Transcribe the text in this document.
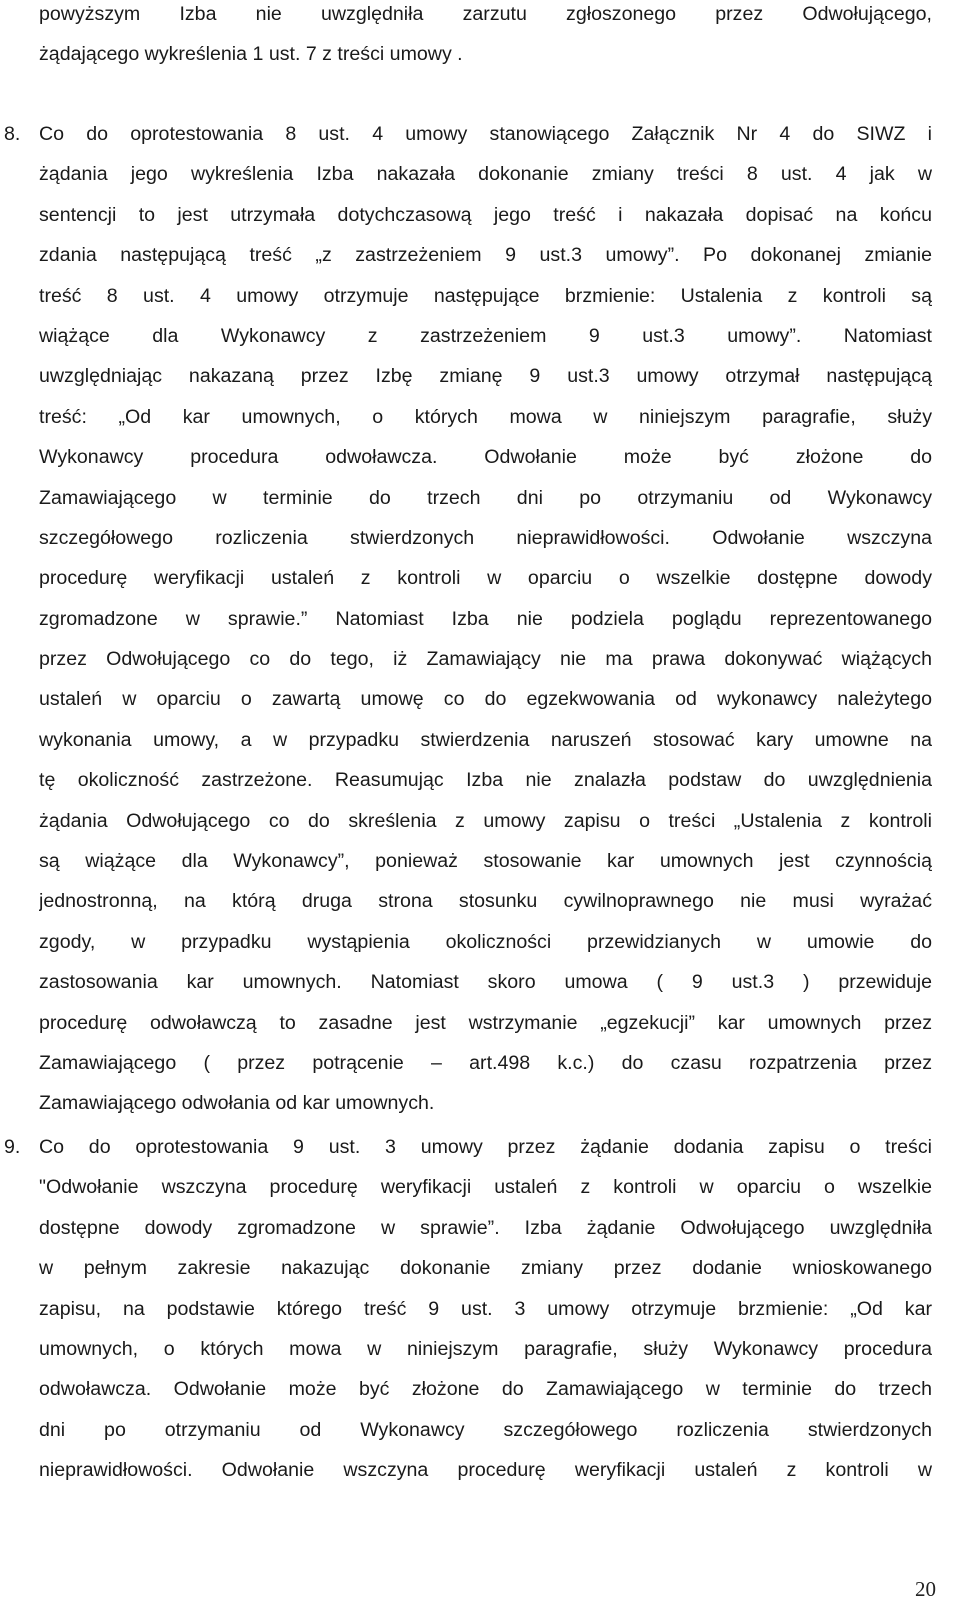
powyższym Izba nie uwzględniła zarzutu zgłoszonego przez Odwołującego,
żądającego wykreślenia 1 ust. 7 z treści umowy .
8. Co do oprotestowania 8 ust. 4 umowy stanowiącego Załącznik Nr 4 do SIWZ i
żądania jego wykreślenia Izba nakazała dokonanie zmiany treści 8 ust. 4 jak w
sentencji to jest utrzymała dotychczasową jego treść i nakazała dopisać na końcu
zdania następującą treść „z zastrzeżeniem 9 ust.3 umowy”. Po dokonanej zmianie
treść 8 ust. 4 umowy otrzymuje następujące brzmienie: Ustalenia z kontroli są
wiążące dla Wykonawcy z zastrzeżeniem 9 ust.3 umowy”. Natomiast
uwzględniając nakazaną przez Izbę zmianę 9 ust.3 umowy otrzymał następującą
treść: „Od kar umownych, o których mowa w niniejszym paragrafie, służy
Wykonawcy procedura odwoławcza. Odwołanie może być złożone do
Zamawiającego w terminie do trzech dni po otrzymaniu od Wykonawcy
szczegółowego rozliczenia stwierdzonych nieprawidłowości. Odwołanie wszczyna
procedurę weryfikacji ustaleń z kontroli w oparciu o wszelkie dostępne dowody
zgromadzone w sprawie.” Natomiast Izba nie podziela poglądu reprezentowanego
przez Odwołującego co do tego, iż Zamawiający nie ma prawa dokonywać wiążących
ustaleń w oparciu o zawartą umowę co do egzekwowania od wykonawcy należytego
wykonania umowy, a w przypadku stwierdzenia naruszeń stosować kary umowne na
tę okoliczność zastrzeżone. Reasumując Izba nie znalazła podstaw do uwzględnienia
żądania Odwołującego co do skreślenia z umowy zapisu o treści „Ustalenia z kontroli
są wiążące dla Wykonawcy”, ponieważ stosowanie kar umownych jest czynnością
jednostronną, na którą druga strona stosunku cywilnoprawnego nie musi wyrażać
zgody, w przypadku wystąpienia okoliczności przewidzianych w umowie do
zastosowania kar umownych. Natomiast skoro umowa ( 9 ust.3 ) przewiduje
procedurę odwoławczą to zasadne jest wstrzymanie „egzekucji” kar umownych przez
Zamawiającego ( przez potrącenie – art.498 k.c.) do czasu rozpatrzenia przez
Zamawiającego odwołania od kar umownych.
9. Co do oprotestowania 9 ust. 3 umowy przez żądanie dodania zapisu o treści
"Odwołanie wszczyna procedurę weryfikacji ustaleń z kontroli w oparciu o wszelkie
dostępne dowody zgromadzone w sprawie”. Izba żądanie Odwołującego uwzględniła
w pełnym zakresie nakazując dokonanie zmiany przez dodanie wnioskowanego
zapisu, na podstawie którego treść 9 ust. 3 umowy otrzymuje brzmienie: „Od kar
umownych, o których mowa w niniejszym paragrafie, służy Wykonawcy procedura
odwoławcza. Odwołanie może być złożone do Zamawiającego w terminie do trzech
dni po otrzymaniu od Wykonawcy szczegółowego rozliczenia stwierdzonych
nieprawidłowości. Odwołanie wszczyna procedurę weryfikacji ustaleń z kontroli w
20
